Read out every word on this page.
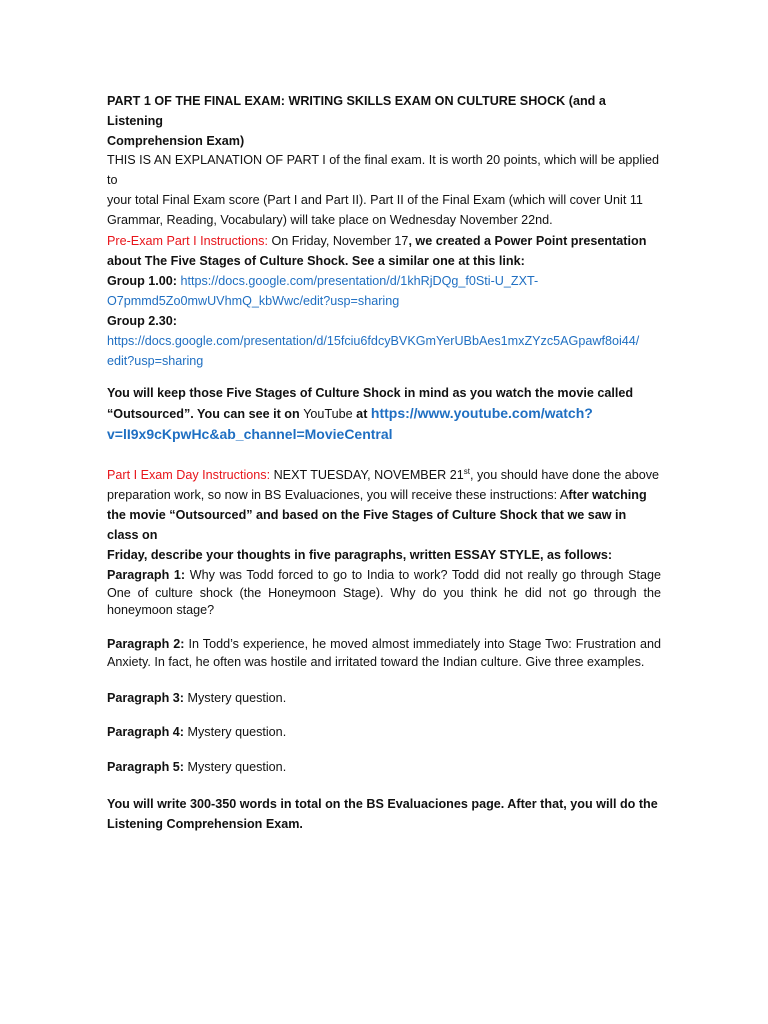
PART 1 OF THE FINAL EXAM: WRITING SKILLS EXAM ON CULTURE SHOCK (and a Listening
Comprehension Exam)
THIS IS AN EXPLANATION OF PART I of the final exam. It is worth 20 points, which will be applied to
your total Final Exam score (Part I and Part II). Part II of the Final Exam (which will cover Unit 11
Grammar, Reading, Vocabulary) will take place on Wednesday November 22nd.
Pre-Exam Part I Instructions: On Friday, November 17, we created a Power Point presentation
about The Five Stages of Culture Shock. See a similar one at this link:
Group 1.00: https://docs.google.com/presentation/d/1khRjDQg_f0Sti-U_ZXT-
O7pmmd5Zo0mwUVhmQ_kbWwc/edit?usp=sharing
Group 2.30:
https://docs.google.com/presentation/d/15fciu6fdcyBVKGmYerUBbAes1mxZYzc5AGpawf8oi44/
edit?usp=sharing
You will keep those Five Stages of Culture Shock in mind as you watch the movie called
“Outsourced”. You can see it on YouTube at https://www.youtube.com/watch?
v=lI9x9cKpwHc&ab_channel=MovieCentral
Part I Exam Day Instructions: NEXT TUESDAY, NOVEMBER 21st, you should have done the above
preparation work, so now in BS Evaluaciones, you will receive these instructions: After watching
the movie “Outsourced” and based on the Five Stages of Culture Shock that we saw in class on
Friday, describe your thoughts in five paragraphs, written ESSAY STYLE, as follows:
Paragraph 1: Why was Todd forced to go to India to work? Todd did not really go through Stage One of culture shock (the Honeymoon Stage). Why do you think he did not go through the honeymoon stage?
Paragraph 2: In Todd’s experience, he moved almost immediately into Stage Two: Frustration and Anxiety. In fact, he often was hostile and irritated toward the Indian culture. Give three examples.
Paragraph 3: Mystery question.
Paragraph 4: Mystery question.
Paragraph 5: Mystery question.
You will write 300-350 words in total on the BS Evaluaciones page. After that, you will do the
Listening Comprehension Exam.
